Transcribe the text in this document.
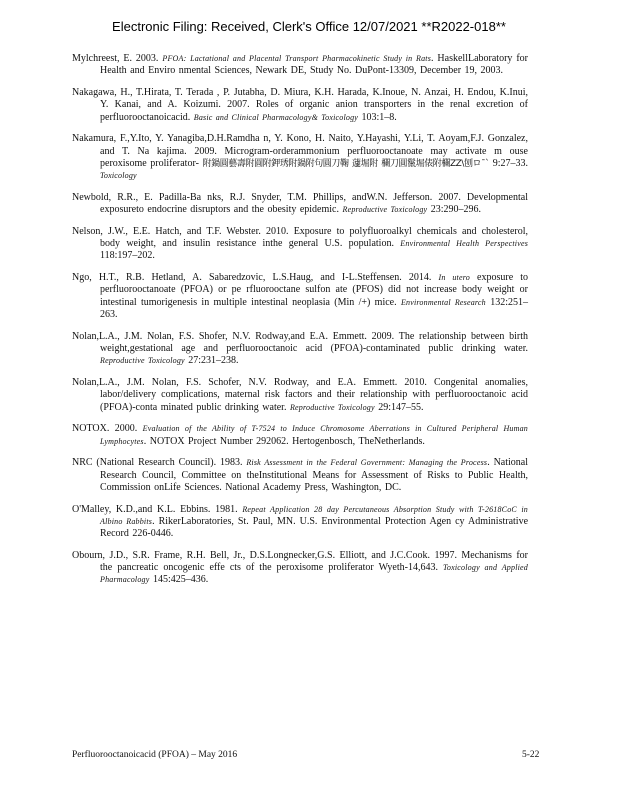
Electronic Filing: Received, Clerk's Office 12/07/2021 **R2022-018**

Mylchreest, E. 2003. PFOA: Lactational and Placental Transport Pharmacokinetic Study in Rats. HaskellLaboratory for Health and Enviro nmental Sciences, Newark DE, Study No. DuPont-13309, December 19, 2003.

Nakagawa, H., T.Hirata, T. Terada , P. Jutabha, D. Miura, K.H. Harada, K.Inoue, N. Anzai, H. Endou, K.Inui, Y. Kanai, and A. Koizumi. 2007. Roles of organic anion transporters in the renal excretion of perfluorooctanoicacid. Basic and Clinical Pharmacology& Toxicology 103:1–8.

Nakamura, F.,Y.Ito, Y. Yanagiba,D.H.Ramdha n, Y. Kono, H. Naito, Y.Hayashi, Y.Li, T. Aoyam,F.J. Gonzalez, and T. Na kajima. 2009. Microgram-orderammonium perfluorooctanoate may activate m ouse peroxisome proliferator- 附鍋圓藝壽附圓附鉀琇附鍋附句圓刀鞠 蘧堀附 欄刀圓鬣堀俵附欄ZZ\刨ロ¯` 9:27–33. Toxicology

Newbold, R.R., E. Padilla-Ba nks, R.J. Snyder, T.M. Phillips, andW.N. Jefferson. 2007. Developmental exposureto endocrine disruptors and the obesity epidemic. Reproductive Toxicology 23:290–296.

Nelson, J.W., E.E. Hatch, and T.F. Webster. 2010. Exposure to polyfluoroalkyl chemicals and cholesterol, body weight, and insulin resistance inthe general U.S. population. Environmental Health Perspectives 118:197–202.

Ngo, H.T., R.B. Hetland, A. Sabaredzovic, L.S.Haug, and I-L.Steffensen. 2014. In utero exposure to perfluorooctanoate (PFOA) or pe rfluorooctane sulfon ate (PFOS) did not increase body weight or intestinal tumorigenesis in multiple intestinal neoplasia (Min /+) mice. Environmental Research 132:251–263.

Nolan,L.A., J.M. Nolan, F.S. Shofer, N.V. Rodway,and E.A. Emmett. 2009. The relationship between birth weight,gestational age and perfluorooctanoic acid (PFOA)-contaminated public drinking water. Reproductive Toxicology 27:231–238.

Nolan,L.A., J.M. Nolan, F.S. Schofer, N.V. Rodway, and E.A. Emmett. 2010. Congenital anomalies, labor/delivery complications, maternal risk factors and their relationship with perfluorooctanoic acid (PFOA)-conta minated public drinking water. Reproductive Toxicology 29:147–55.

NOTOX. 2000. Evaluation of the Ability of T-7524 to Induce Chromosome Aberrations in Cultured Peripheral Human Lymphocytes. NOTOX Project Number 292062. Hertogenbosch, TheNetherlands.

NRC (National Research Council). 1983. Risk Assessment in the Federal Government: Managing the Process. National Research Council, Committee on theInstitutional Means for Assessment of Risks to Public Health, Commission onLife Sciences. National Academy Press, Washington, DC.

O'Malley, K.D.,and K.L. Ebbins. 1981. Repeat Application 28 day Percutaneous Absorption Study with T-2618CoC in Albino Rabbits. RikerLaboratories, St. Paul, MN. U.S. Environmental Protection Agen cy Administrative Record 226-0446.

Obourn, J.D., S.R. Frame, R.H. Bell, Jr., D.S.Longnecker,G.S. Elliott, and J.C.Cook. 1997. Mechanisms for the pancreatic oncogenic effe cts of the peroxisome proliferator Wyeth-14,643. Toxicology and Applied Pharmacology 145:425–436.

Perfluorooctanoicacid (PFOA) – May 2016	5-22
